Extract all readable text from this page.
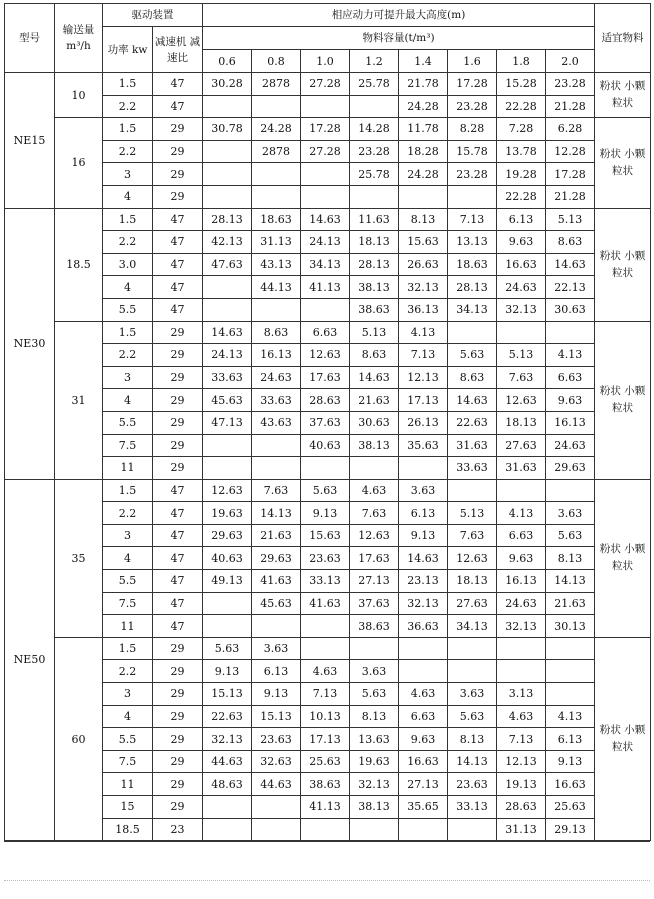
型号	输送量 m³/h	驱动装置		相应动力可提升最大高度(m)								适宜物料
		功率 kw	减速机 减速比	物料容量(t/m³)								
				0.6	0.8	1.0	1.2	1.4	1.6	1.8	2.0	
NE15	10	1.5	47	30.28	2878	27.28	25.78	21.78	17.28	15.28	23.28	粉状 小颗粒状
		2.2	47					24.28	23.28	22.28	21.28	
	16	1.5	29	30.78	24.28	17.28	14.28	11.78	8.28	7.28	6.28	粉状 小颗粒状
		2.2	29		2878	27.28	23.28	18.28	15.78	13.78	12.28	
		3	29				25.78	24.28	23.28	19.28	17.28	
		4	29							22.28	21.28	
NE30	18.5	1.5	47	28.13	18.63	14.63	11.63	8.13	7.13	6.13	5.13	粉状 小颗粒状
		2.2	47	42.13	31.13	24.13	18.13	15.63	13.13	9.63	8.63	
		3.0	47	47.63	43.13	34.13	28.13	26.63	18.63	16.63	14.63	
		4	47		44.13	41.13	38.13	32.13	28.13	24.63	22.13	
		5.5	47				38.63	36.13	34.13	32.13	30.63	
	31	1.5	29	14.63	8.63	6.63	5.13	4.13				粉状 小颗粒状
		2.2	29	24.13	16.13	12.63	8.63	7.13	5.63	5.13	4.13	
		3	29	33.63	24.63	17.63	14.63	12.13	8.63	7.63	6.63	
		4	29	45.63	33.63	28.63	21.63	17.13	14.63	12.63	9.63	
		5.5	29	47.13	43.63	37.63	30.63	26.13	22.63	18.13	16.13	
		7.5	29			40.63	38.13	35.63	31.63	27.63	24.63	
		11	29						33.63	31.63	29.63	
NE50	35	1.5	47	12.63	7.63	5.63	4.63	3.63				粉状 小颗粒状
		2.2	47	19.63	14.13	9.13	7.63	6.13	5.13	4.13	3.63	
		3	47	29.63	21.63	15.63	12.63	9.13	7.63	6.63	5.63	
		4	47	40.63	29.63	23.63	17.63	14.63	12.63	9.63	8.13	
		5.5	47	49.13	41.63	33.13	27.13	23.13	18.13	16.13	14.13	
		7.5	47		45.63	41.63	37.63	32.13	27.63	24.63	21.63	
		11	47				38.63	36.63	34.13	32.13	30.13	
	60	1.5	29	5.63	3.63							粉状 小颗粒状
		2.2	29	9.13	6.13	4.63	3.63					
		3	29	15.13	9.13	7.13	5.63	4.63	3.63	3.13		
		4	29	22.63	15.13	10.13	8.13	6.63	5.63	4.63	4.13	
		5.5	29	32.13	23.63	17.13	13.63	9.63	8.13	7.13	6.13	
		7.5	29	44.63	32.63	25.63	19.63	16.63	14.13	12.13	9.13	
		11	29	48.63	44.63	38.63	32.13	27.13	23.63	19.13	16.63	
		15	29			41.13	38.13	35.65	33.13	28.63	25.63	
		18.5	23							31.13	29.13	
